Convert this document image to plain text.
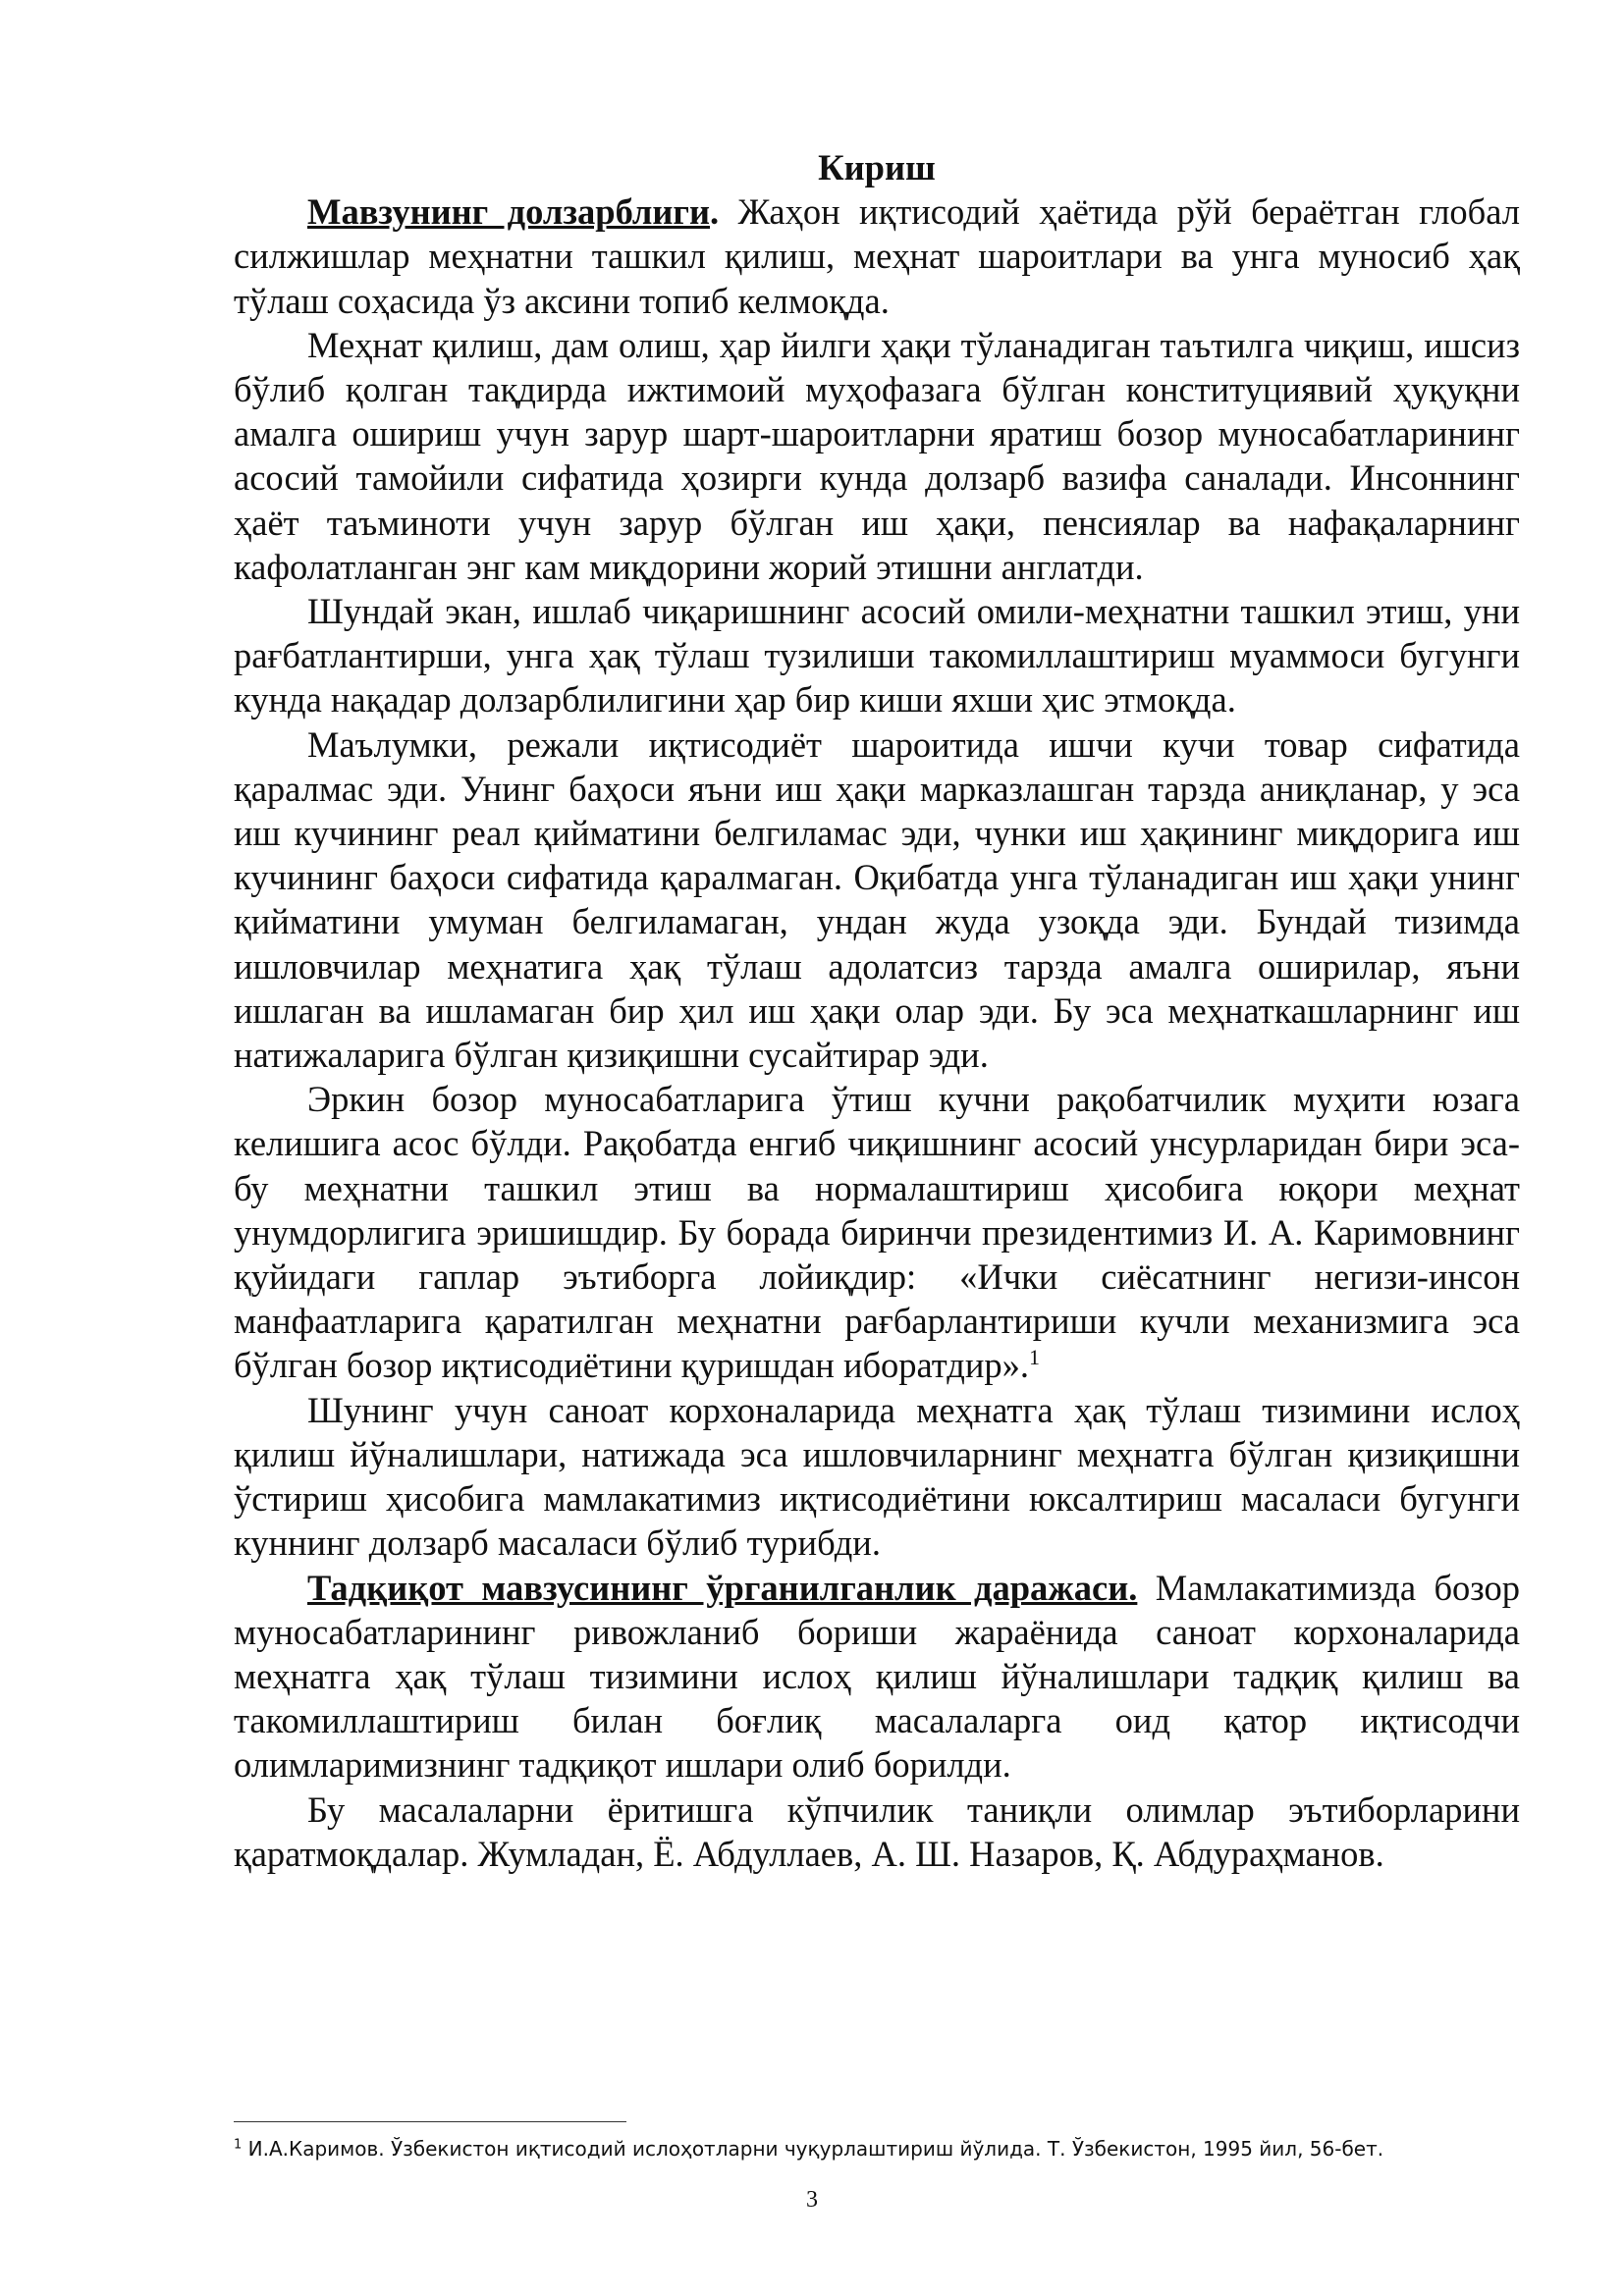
Кириш

Мавзунинг долзарблиги. Жаҳон иқтисодий ҳаётида рўй бераётган глобал силжишлар меҳнатни ташкил қилиш, меҳнат шароитлари ва унга муносиб ҳақ тўлаш соҳасида ўз аксини топиб келмоқда.

Меҳнат қилиш, дам олиш, ҳар йилги ҳақи тўланадиган таътилга чиқиш, ишсиз бўлиб қолган тақдирда ижтимоий муҳофазага бўлган конституциявий ҳуқуқни амалга ошириш учун зарур шарт-шароитларни яратиш бозор муносабатларининг асосий тамойили сифатида ҳозирги кунда долзарб вазифа саналади. Инсоннинг ҳаёт таъминоти учун зарур бўлган иш ҳақи, пенсиялар ва нафақаларнинг кафолатланган энг кам миқдорини жорий этишни англатди.

Шундай экан, ишлаб чиқаришнинг асосий омили-меҳнатни ташкил этиш, уни рағбатлантирши, унга ҳақ тўлаш тузилиши такомиллаштириш муаммоси бугунги кунда нақадар долзарблилигини ҳар бир киши яхши ҳис этмоқда.

Маълумки, режали иқтисодиёт шароитида ишчи кучи товар сифатида қаралмас эди. Унинг баҳоси яъни иш ҳақи марказлашган тарзда аниқланар, у эса иш кучининг реал қийматини белгиламас эди, чунки иш ҳақининг миқдорига иш кучининг баҳоси сифатида қаралмаган. Оқибатда унга тўланадиган иш ҳақи унинг қийматини умуман белгиламаган, ундан жуда узоқда эди. Бундай тизимда ишловчилар меҳнатига ҳақ тўлаш адолатсиз тарзда амалга оширилар, яъни ишлаган ва ишламаган бир ҳил иш ҳақи олар эди. Бу эса меҳнаткашларнинг иш натижаларига бўлган қизиқишни сусайтирар эди.

Эркин бозор муносабатларига ўтиш кучни рақобатчилик муҳити юзага келишига асос бўлди. Рақобатда енгиб чиқишнинг асосий унсурларидан бири эса-бу меҳнатни ташкил этиш ва нормалаштириш ҳисобига юқори меҳнат унумдорлигига эришишдир. Бу борада биринчи президентимиз И. А. Каримовнинг қуйидаги гаплар эътиборга лойиқдир: «Ички сиёсатнинг негизи-инсон манфаатларига қаратилган меҳнатни рағбарлантириши кучли механизмига эса бўлган бозор иқтисодиётини қуришдан иборатдир».$^1$

Шунинг учун саноат корхоналарида меҳнатга ҳақ тўлаш тизимини ислоҳ қилиш йўналишлари, натижада эса ишловчиларнинг меҳнатга бўлган қизиқишни ўстириш ҳисобига мамлакатимиз иқтисодиётини юксалтириш масаласи бугунги куннинг долзарб масаласи бўлиб турибди.

Тадқиқот мавзусининг ўрганилганлик даражаси. Мамлакатимизда бозор муносабатларининг ривожланиб бориши жараёнида саноат корхоналарида меҳнатга ҳақ тўлаш тизимини ислоҳ қилиш йўналишлари тадқиқ қилиш ва такомиллаштириш билан боғлиқ масалаларга оид қатор иқтисодчи олимларимизнинг тадқиқот ишлари олиб борилди.

Бу масалаларни ёритишга кўпчилик таниқли олимлар эътиборларини қаратмоқдалар. Жумладан, Ё. Абдуллаев, А. Ш. Назаров, Қ. Абдураҳманов.

$^1$ И.А.Каримов. Ўзбекистон иқтисодий ислоҳотларни чуқурлаштириш йўлида. Т. Ўзбекистон, 1995 йил, 56-бет.
3
